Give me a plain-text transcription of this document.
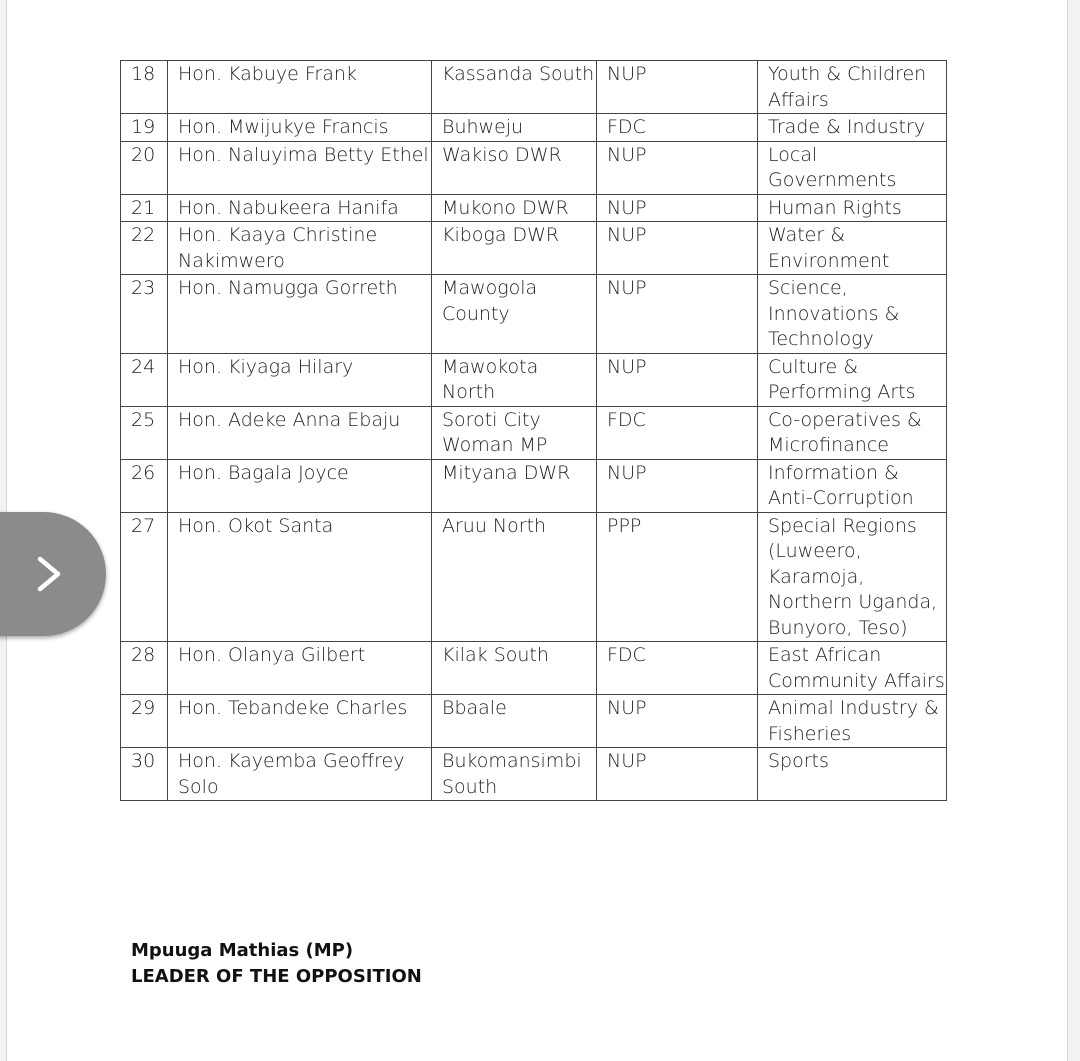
18	Hon. Kabuye Frank	Kassanda South	NUP	Youth & Children Affairs
19	Hon. Mwijukye Francis	Buhweju	FDC	Trade & Industry
20	Hon. Naluyima Betty Ethel	Wakiso DWR	NUP	Local Governments
21	Hon. Nabukeera Hanifa	Mukono DWR	NUP	Human Rights
22	Hon. Kaaya Christine Nakimwero	Kiboga DWR	NUP	Water & Environment
23	Hon. Namugga Gorreth	Mawogola County	NUP	Science, Innovations & Technology
24	Hon. Kiyaga Hilary	Mawokota North	NUP	Culture & Performing Arts
25	Hon. Adeke Anna Ebaju	Soroti City Woman MP	FDC	Co-operatives & Microfinance
26	Hon. Bagala Joyce	Mityana DWR	NUP	Information & Anti-Corruption
27	Hon. Okot Santa	Aruu North	PPP	Special Regions (Luweero, Karamoja, Northern Uganda, Bunyoro, Teso)
28	Hon. Olanya Gilbert	Kilak South	FDC	East African Community Affairs
29	Hon. Tebandeke Charles	Bbaale	NUP	Animal Industry & Fisheries
30	Hon. Kayemba Geoffrey Solo	Bukomansimbi South	NUP	Sports
Mpuuga Mathias (MP)
LEADER OF THE OPPOSITION
